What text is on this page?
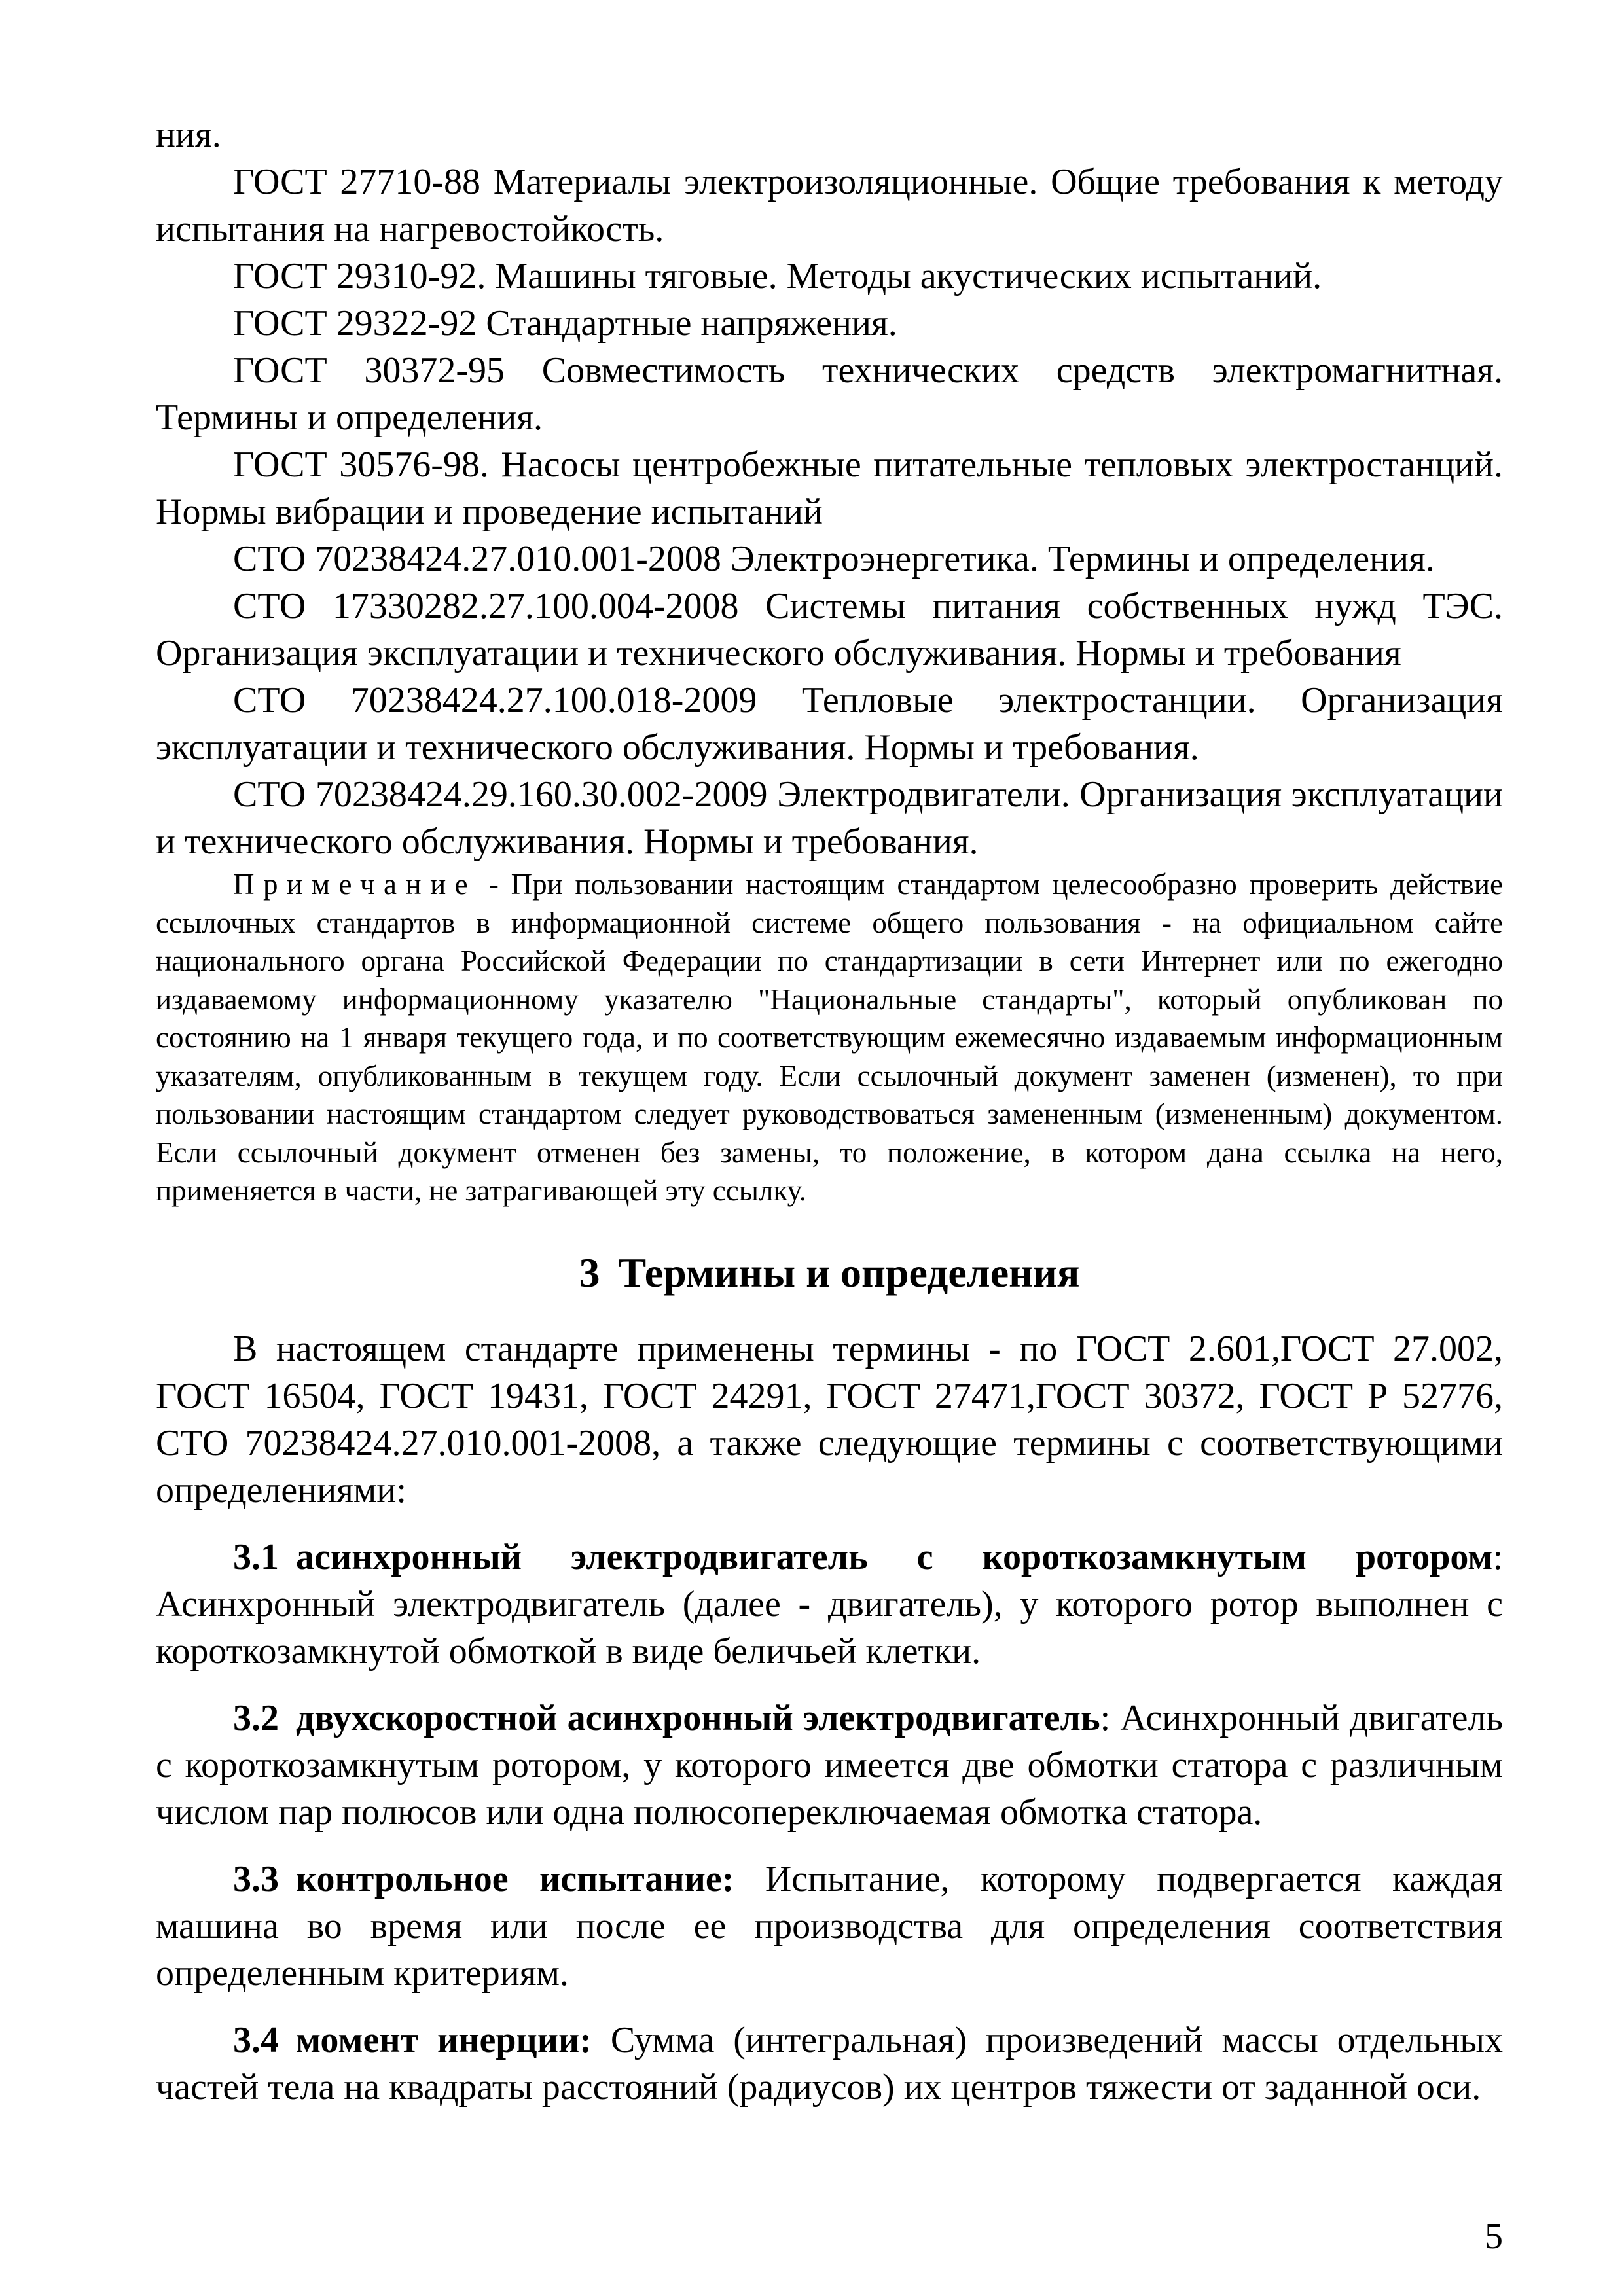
ния.

ГОСТ 27710-88 Материалы электроизоляционные. Общие требования к методу испытания на нагревостойкость.

ГОСТ 29310-92. Машины тяговые. Методы акустических испытаний.

ГОСТ 29322-92 Стандартные напряжения.

ГОСТ 30372-95 Совместимость технических средств электромагнитная. Термины и определения.

ГОСТ 30576-98. Насосы центробежные питательные тепловых электростанций. Нормы вибрации и проведение испытаний

СТО 70238424.27.010.001-2008 Электроэнергетика. Термины и определения.

СТО 17330282.27.100.004-2008 Системы питания собственных нужд ТЭС. Организация эксплуатации и технического обслуживания. Нормы и требования

СТО 70238424.27.100.018-2009 Тепловые электростанции. Организация эксплуатации и технического обслуживания. Нормы и требования.

СТО 70238424.29.160.30.002-2009 Электродвигатели. Организация эксплуатации и технического обслуживания. Нормы и требования.

Примечание - При пользовании настоящим стандартом целесообразно проверить действие ссылочных стандартов в информационной системе общего пользования - на официальном сайте национального органа Российской Федерации по стандартизации в сети Интернет или по ежегодно издаваемому информационному указателю "Национальные стандарты", который опубликован по состоянию на 1 января текущего года, и по соответствующим ежемесячно издаваемым информационным указателям, опубликованным в текущем году. Если ссылочный документ заменен (изменен), то при пользовании настоящим стандартом следует руководствоваться замененным (измененным) документом. Если ссылочный документ отменен без замены, то положение, в котором дана ссылка на него, применяется в части, не затрагивающей эту ссылку.

3 Термины и определения

В настоящем стандарте применены термины - по ГОСТ 2.601,ГОСТ 27.002, ГОСТ 16504, ГОСТ 19431, ГОСТ 24291, ГОСТ 27471,ГОСТ 30372, ГОСТ Р 52776, СТО 70238424.27.010.001-2008, а также следующие термины с соответствующими определениями:

3.1 асинхронный электродвигатель с короткозамкнутым ротором: Асинхронный электродвигатель (далее - двигатель), у которого ротор выполнен с короткозамкнутой обмоткой в виде беличьей клетки.

3.2 двухскоростной асинхронный электродвигатель: Асинхронный двигатель с короткозамкнутым ротором, у которого имеется две обмотки статора с различным числом пар полюсов или одна полюсопереключаемая обмотка статора.

3.3 контрольное испытание: Испытание, которому подвергается каждая машина во время или после ее производства для определения соответствия определенным критериям.

3.4 момент инерции: Сумма (интегральная) произведений массы отдельных частей тела на квадраты расстояний (радиусов) их центров тяжести от заданной оси.

5
